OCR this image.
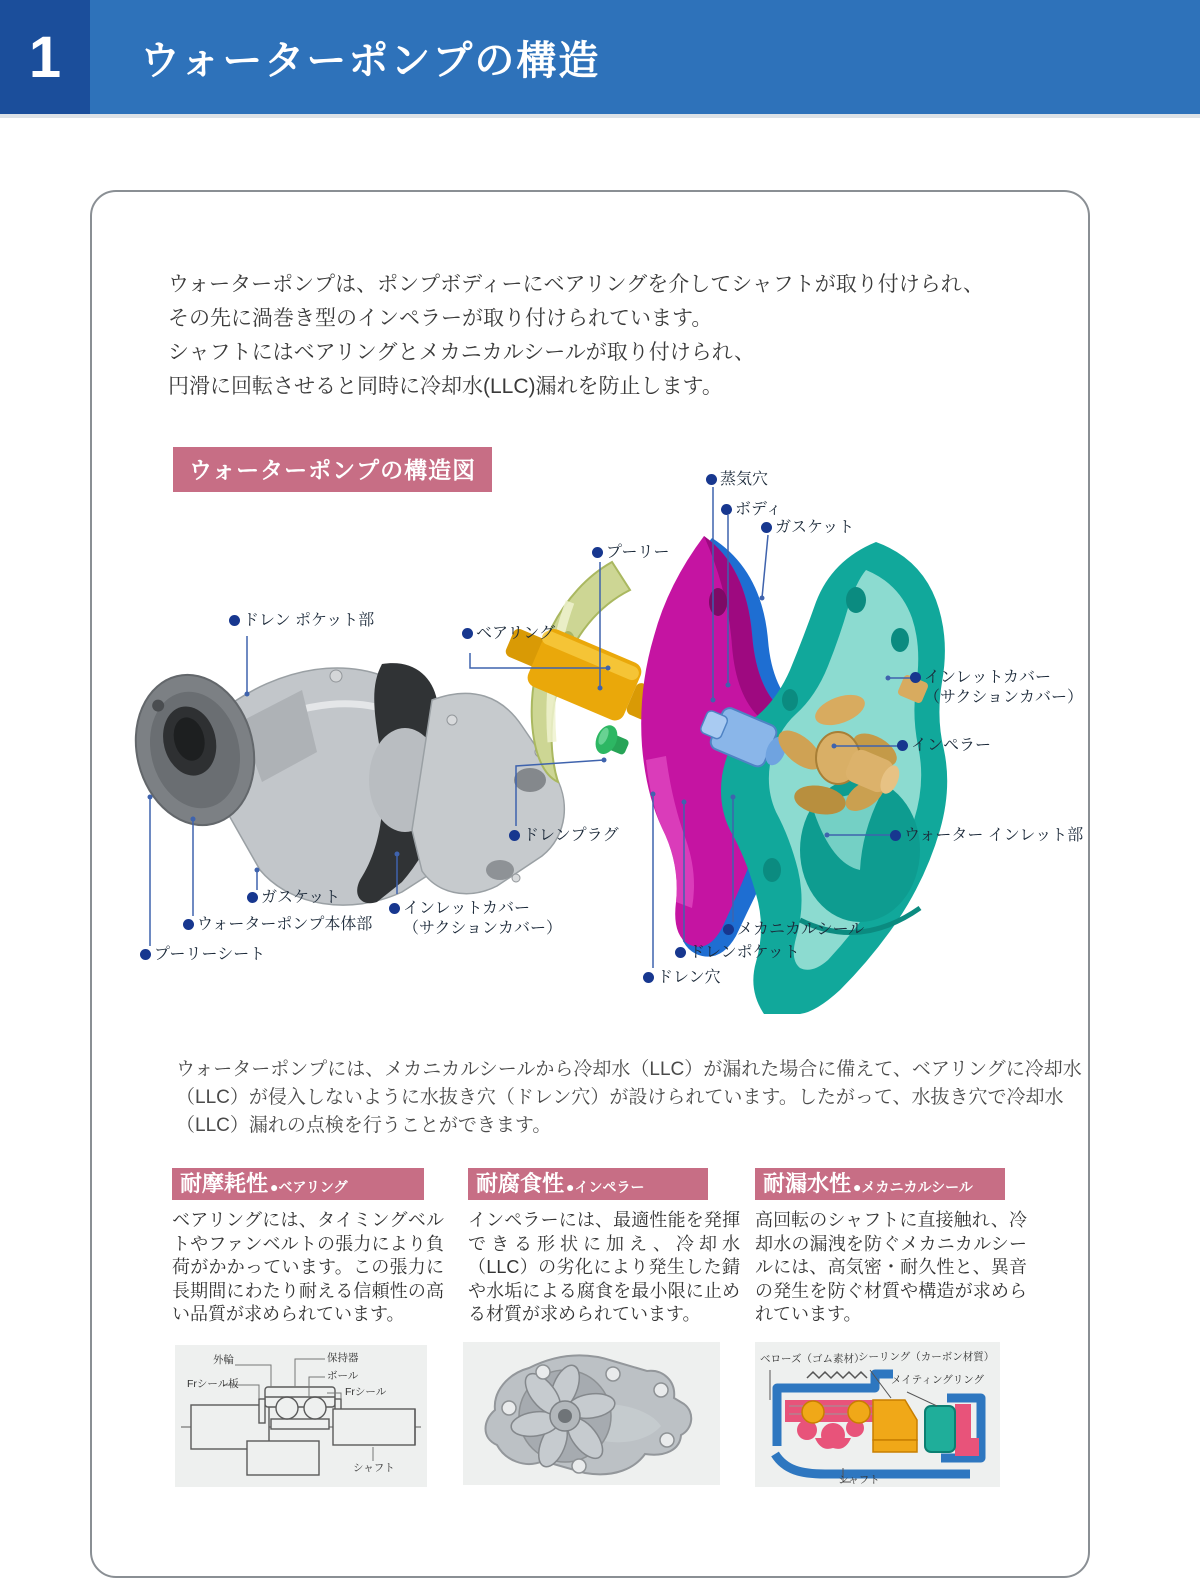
1	ウォーターポンプの構造
ウォーターポンプは、ポンプボディーにベアリングを介してシャフトが取り付けられ、
その先に渦巻き型のインペラーが取り付けられています。
シャフトにはベアリングとメカニカルシールが取り付けられ、
円滑に回転させると同時に冷却水(LLC)漏れを防止します。
ウォーターポンプの構造図	蒸気穴
ボディ
ガスケット
プーリー
ベアリング
ドレン ポケット部
インレットカバー
（サクションカバー）
インペラー
ウォーター インレット部
メカニカルシール
ドレンポケット
ドレン穴
ドレンプラグ
ガスケット
ウォーターポンプ本体部
プーリーシート
インレットカバー
（サクションカバー）
ウォーターポンプには、メカニカルシールから冷却水（LLC）が漏れた場合に備えて、ベアリングに冷却水
（LLC）が侵入しないように水抜き穴（ドレン穴）が設けられています。したがって、水抜き穴で冷却水
（LLC）漏れの点検を行うことができます。
耐摩耗性 ●ベアリング
ベアリングには、タイミングベルトやファンベルトの張力により負荷がかかっています。この張力に長期間にわたり耐える信頼性の高い品質が求められています。
耐腐食性 ●インペラー
インペラーには、最適性能を発揮できる形状に加え、冷却水（LLC）の劣化により発生した錆や水垢による腐食を最小限に止める材質が求められています。
耐漏水性 ●メカニカルシール
高回転のシャフトに直接触れ、冷却水の漏洩を防ぐメカニカルシールには、高気密・耐久性と、異音の発生を防ぐ材質や構造が求められています。
外輪	保持器
ボール
Frシール板
Frシール
シャフト
ベローズ（ゴム素材）
シーリング（カーボン材質）
メイティングリング
シャフト
